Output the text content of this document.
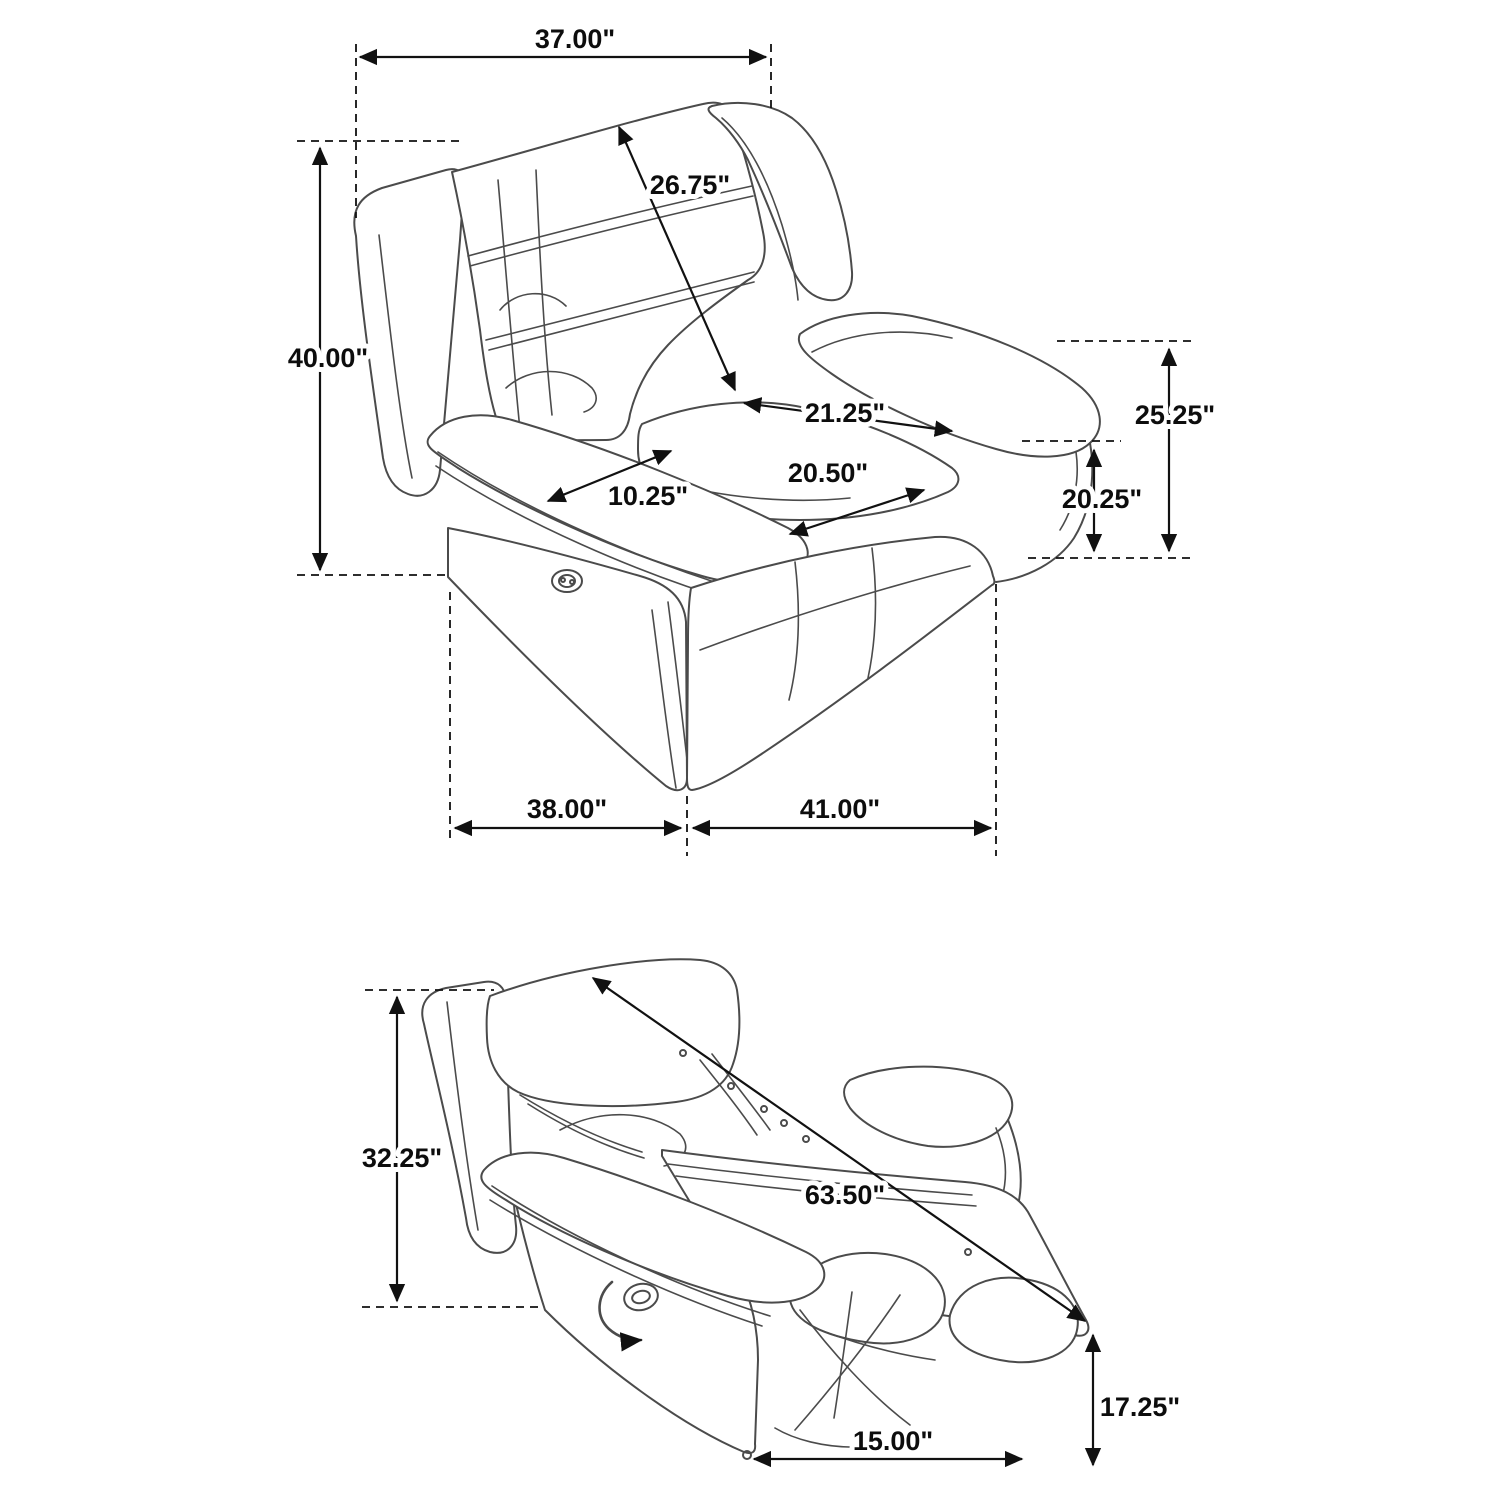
37.00"
26.75"
40.00"
21.25"
20.50"
10.25"
25.25"
20.25"
38.00"	41.00"
32.25"
63.50"
17.25"
15.00"
